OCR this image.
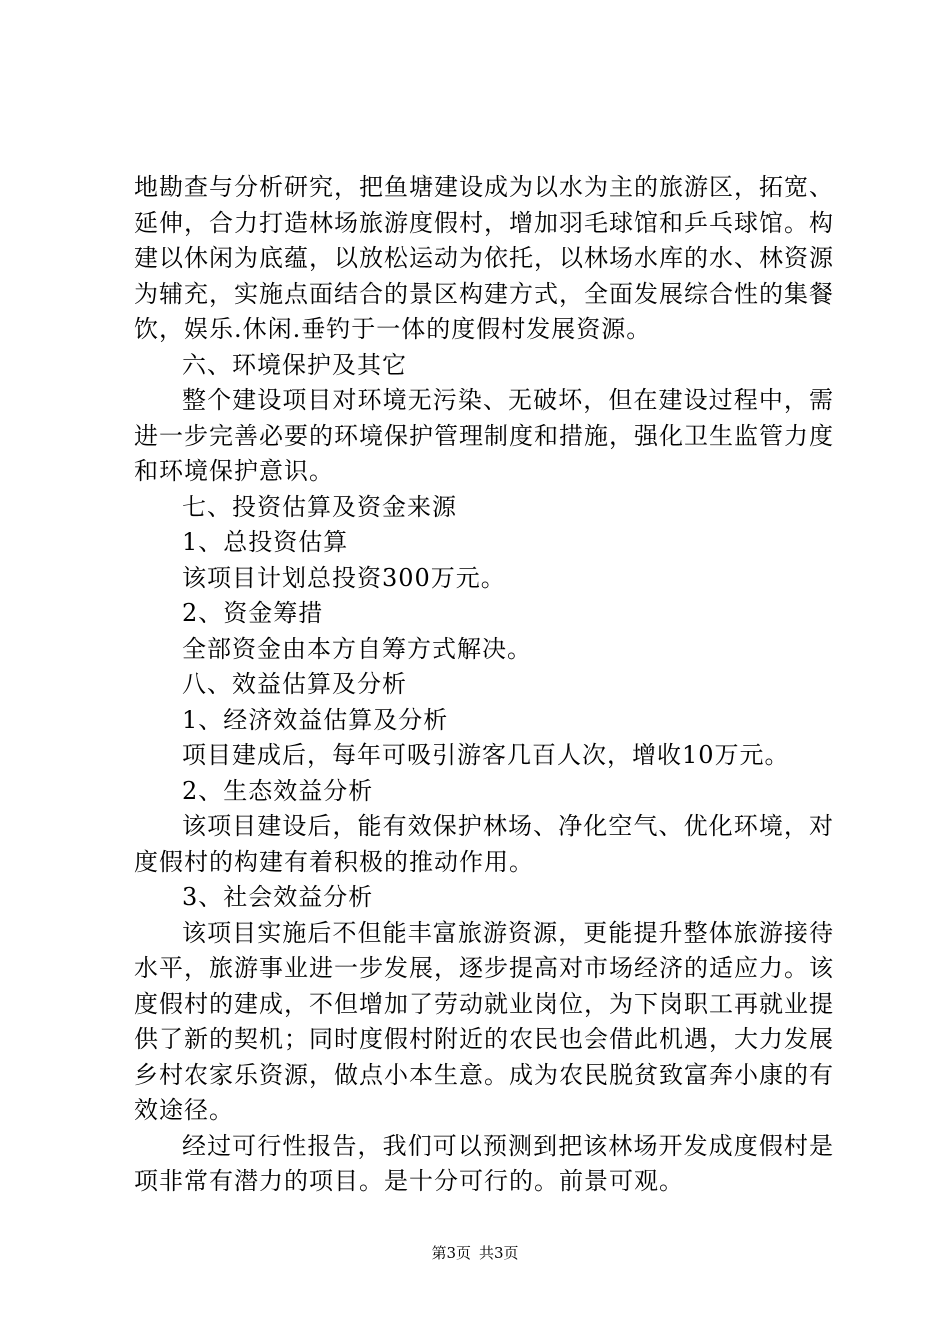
地勘查与分析研究，把鱼塘建设成为以水为主的旅游区，拓宽、延伸，合力打造林场旅游度假村，增加羽毛球馆和乒乓球馆。构建以休闲为底蕴，以放松运动为依托，以林场水库的水、林资源为辅充，实施点面结合的景区构建方式，全面发展综合性的集餐饮，娱乐.休闲.垂钓于一体的度假村发展资源。

六、环境保护及其它

整个建设项目对环境无污染、无破坏，但在建设过程中，需进一步完善必要的环境保护管理制度和措施，强化卫生监管力度和环境保护意识。

七、投资估算及资金来源

1、总投资估算

该项目计划总投资300万元。

2、资金筹措

全部资金由本方自筹方式解决。

八、效益估算及分析

1、经济效益估算及分析

项目建成后，每年可吸引游客几百人次，增收10万元。

2、生态效益分析

该项目建设后，能有效保护林场、净化空气、优化环境，对度假村的构建有着积极的推动作用。

3、社会效益分析

该项目实施后不但能丰富旅游资源，更能提升整体旅游接待水平，旅游事业进一步发展，逐步提高对市场经济的适应力。该度假村的建成，不但增加了劳动就业岗位，为下岗职工再就业提供了新的契机；同时度假村附近的农民也会借此机遇，大力发展乡村农家乐资源，做点小本生意。成为农民脱贫致富奔小康的有效途径。

经过可行性报告，我们可以预测到把该林场开发成度假村是项非常有潜力的项目。是十分可行的。前景可观。

第3页 共3页
